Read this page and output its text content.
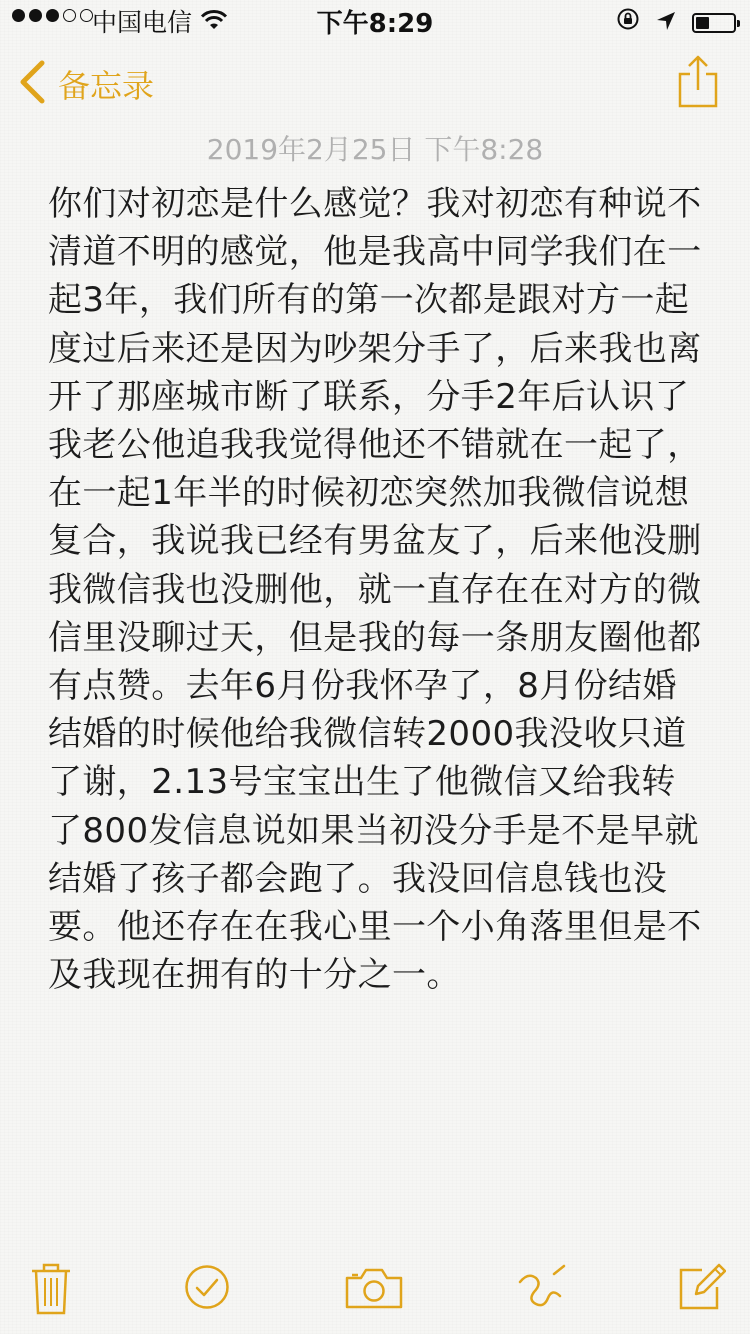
中国电信	下午8:29
备忘录
2019年2月25日 下午8:28
你们对初恋是什么感觉？我对初恋有种说不清道不明的感觉，他是我高中同学我们在一起3年，我们所有的第一次都是跟对方一起度过后来还是因为吵架分手了，后来我也离开了那座城市断了联系，分手2年后认识了我老公他追我我觉得他还不错就在一起了，在一起1年半的时候初恋突然加我微信说想复合，我说我已经有男盆友了，后来他没删我微信我也没删他，就一直存在在对方的微信里没聊过天，但是我的每一条朋友圈他都有点赞。去年6月份我怀孕了，8月份结婚结婚的时候他给我微信转2000我没收只道了谢，2.13号宝宝出生了他微信又给我转了800发信息说如果当初没分手是不是早就结婚了孩子都会跑了。我没回信息钱也没要。他还存在在我心里一个小角落里但是不及我现在拥有的十分之一。
